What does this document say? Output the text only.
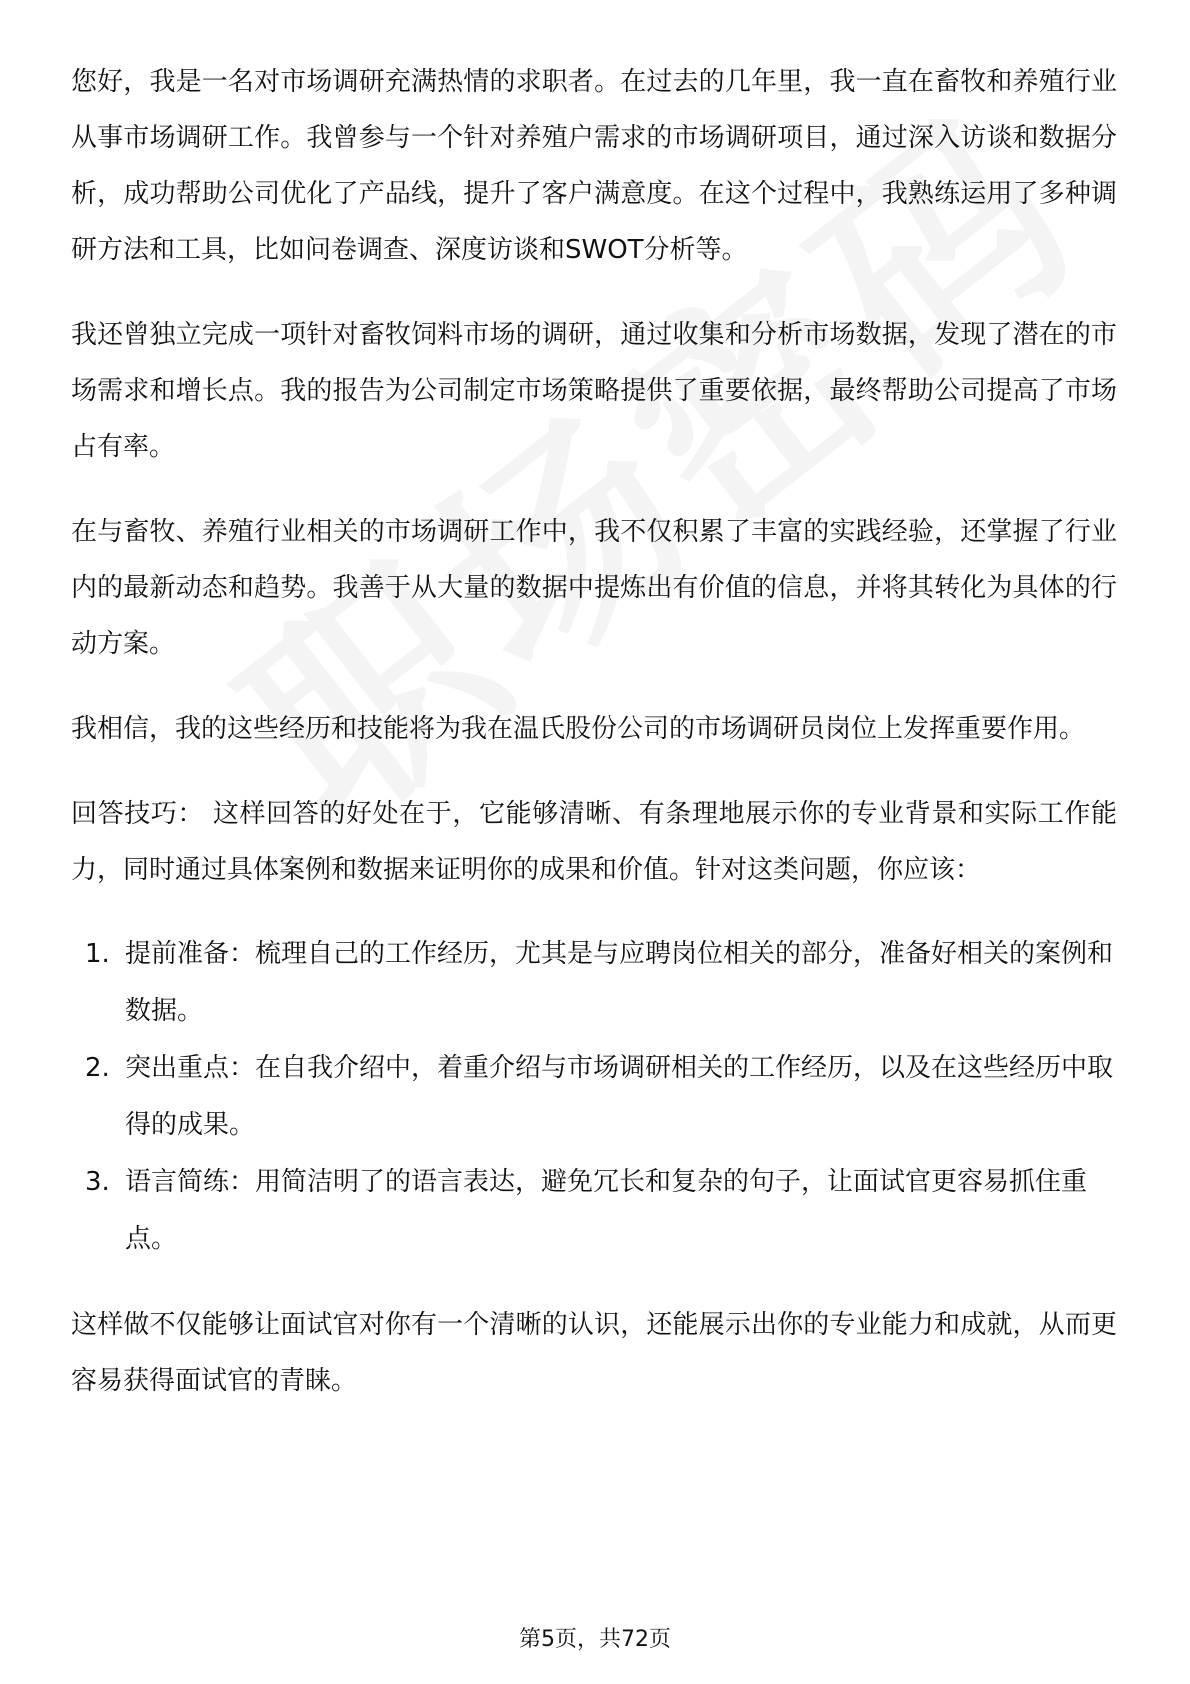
您好，我是一名对市场调研充满热情的求职者。在过去的几年里，我一直在畜牧和养殖行业从事市场调研工作。我曾参与一个针对养殖户需求的市场调研项目，通过深入访谈和数据分析，成功帮助公司优化了产品线，提升了客户满意度。在这个过程中，我熟练运用了多种调研方法和工具，比如问卷调查、深度访谈和SWOT分析等。

我还曾独立完成一项针对畜牧饲料市场的调研，通过收集和分析市场数据，发现了潜在的市场需求和增长点。我的报告为公司制定市场策略提供了重要依据，最终帮助公司提高了市场占有率。

在与畜牧、养殖行业相关的市场调研工作中，我不仅积累了丰富的实践经验，还掌握了行业内的最新动态和趋势。我善于从大量的数据中提炼出有价值的信息，并将其转化为具体的行动方案。

我相信，我的这些经历和技能将为我在温氏股份公司的市场调研员岗位上发挥重要作用。

回答技巧： 这样回答的好处在于，它能够清晰、有条理地展示你的专业背景和实际工作能力，同时通过具体案例和数据来证明你的成果和价值。针对这类问题，你应该：

1. 提前准备：梳理自己的工作经历，尤其是与应聘岗位相关的部分，准备好相关的案例和数据。
2. 突出重点：在自我介绍中，着重介绍与市场调研相关的工作经历，以及在这些经历中取得的成果。
3. 语言简练：用简洁明了的语言表达，避免冗长和复杂的句子，让面试官更容易抓住重点。

这样做不仅能够让面试官对你有一个清晰的认识，还能展示出你的专业能力和成就，从而更容易获得面试官的青睐。

第5页，共72页
